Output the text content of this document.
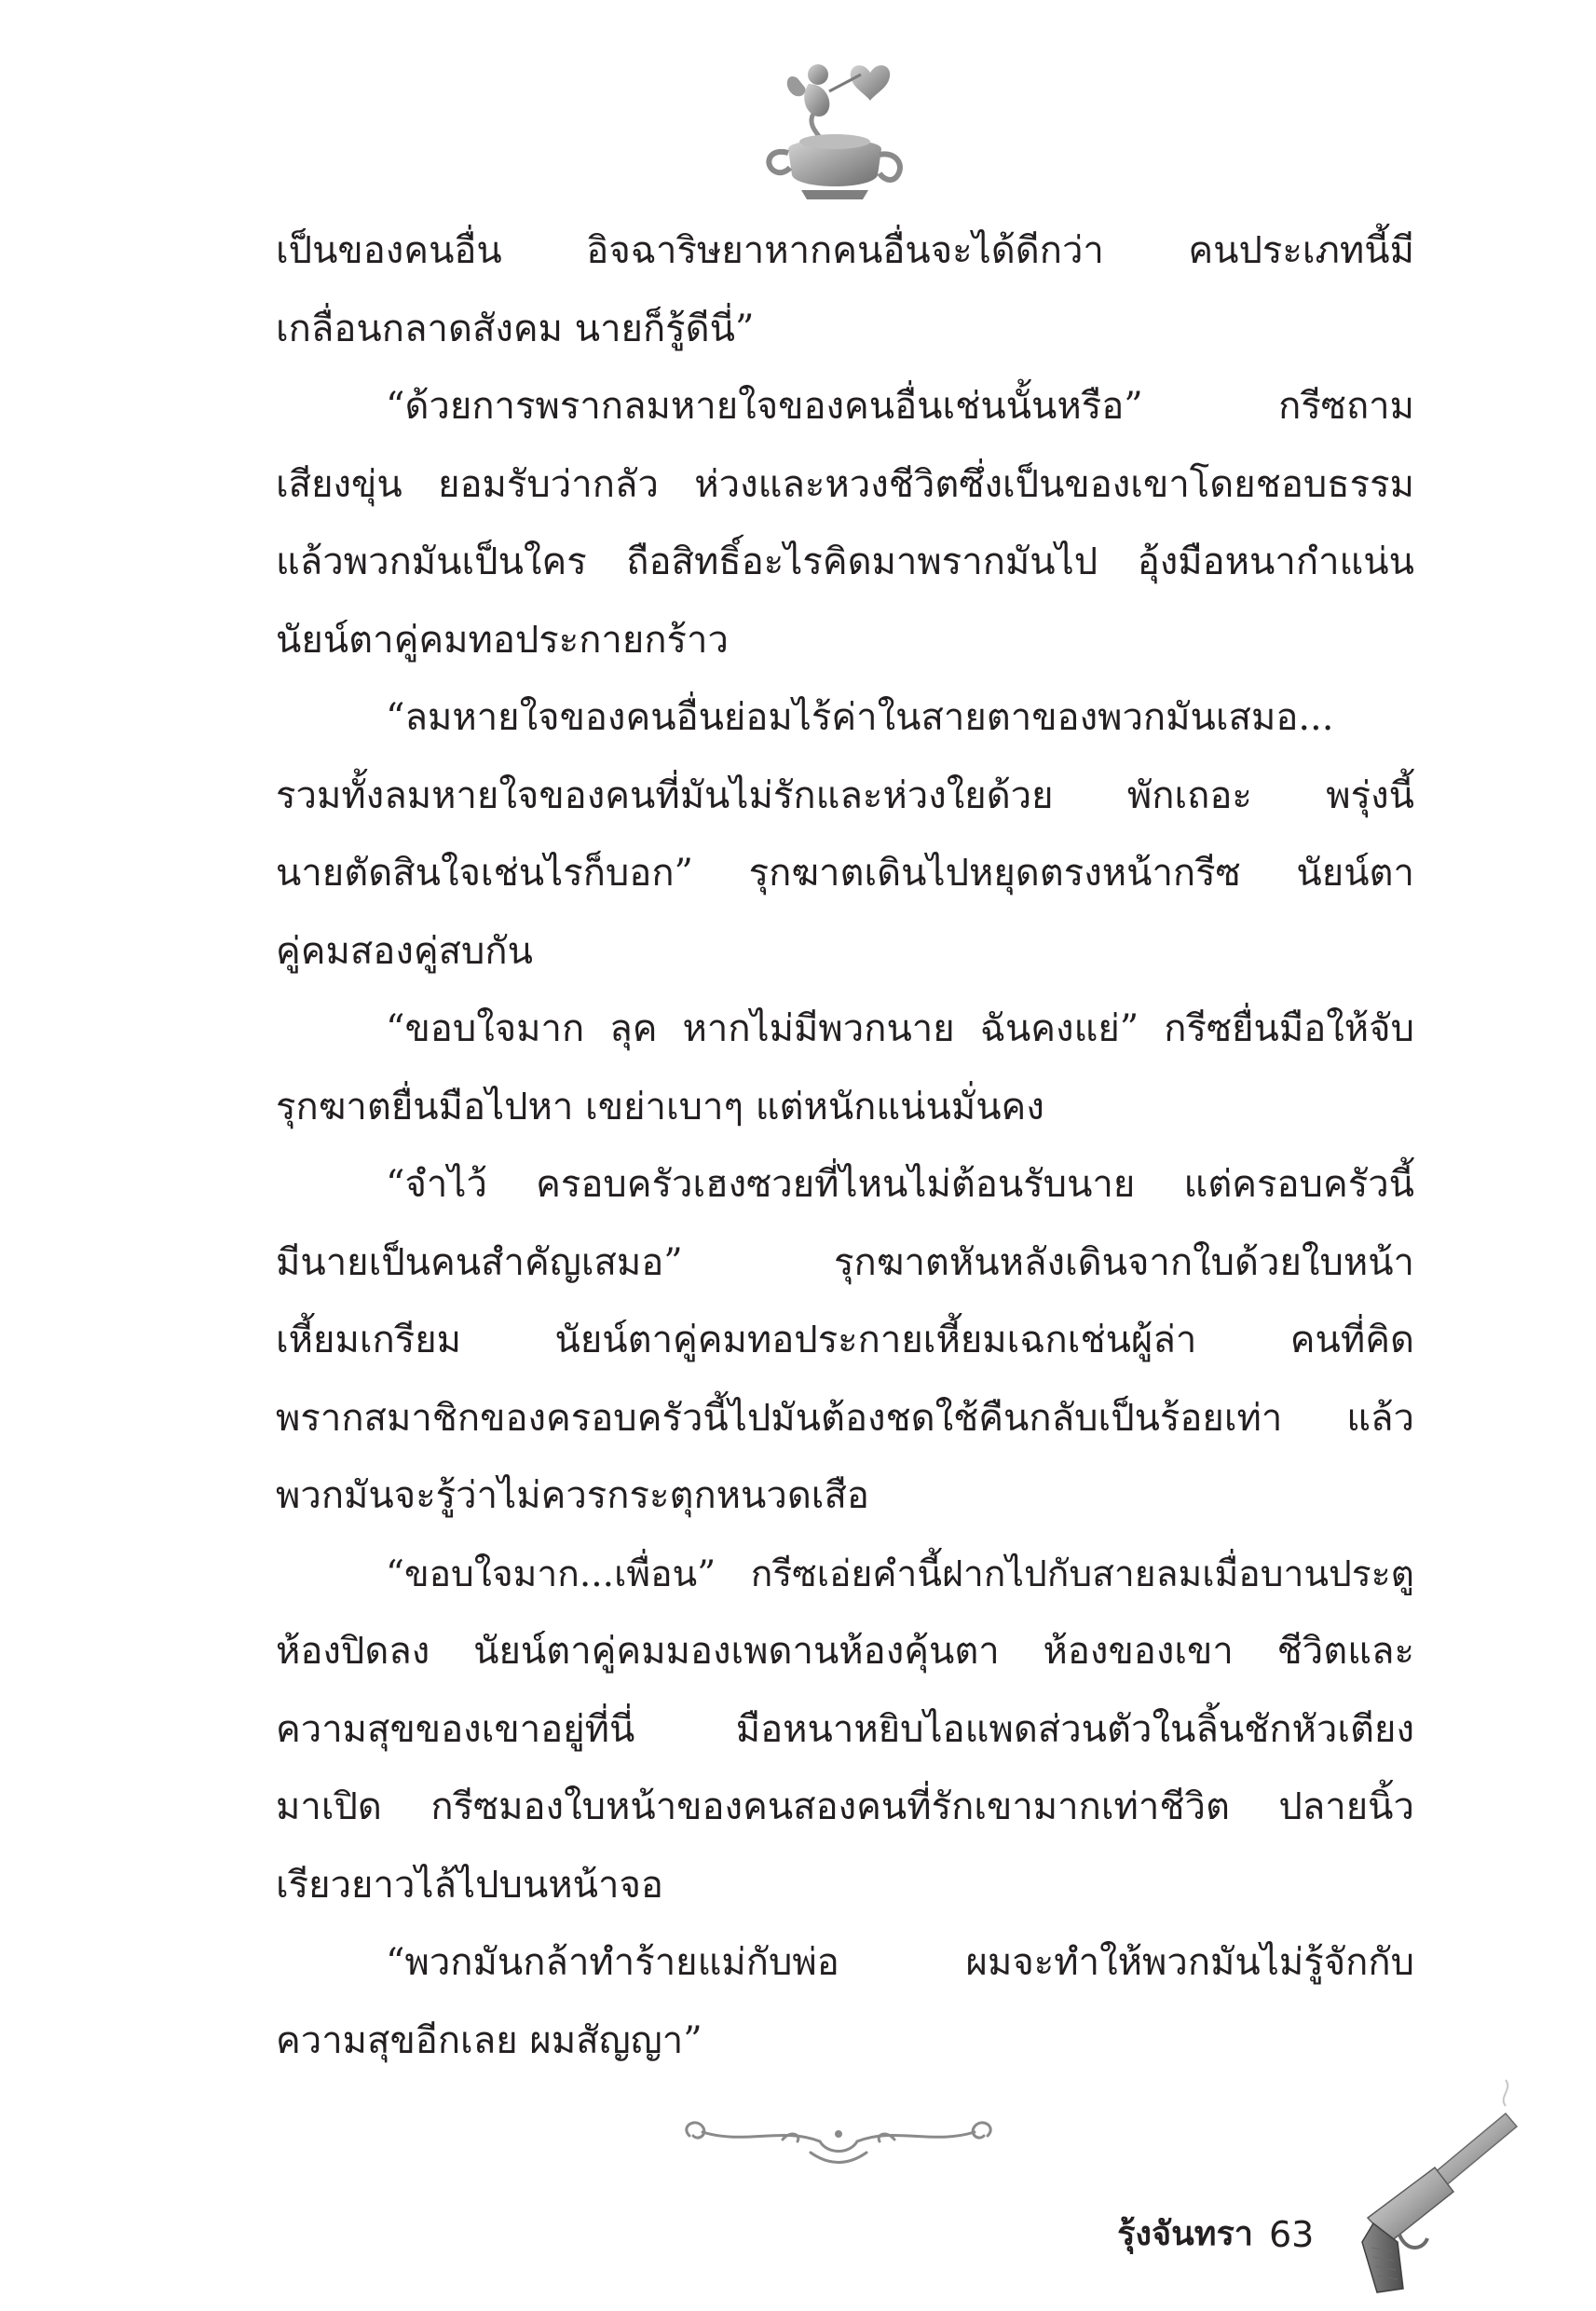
เป็นของคนอื่น อิจฉาริษยาหากคนอื่นจะได้ดีกว่า คนประเภทนี้มี
เกลื่อนกลาดสังคม นายก็รู้ดีนี่”
“ด้วยการพรากลมหายใจของคนอื่นเช่นนั้นหรือ” กรีซถาม
เสียงขุ่น ยอมรับว่ากลัว ห่วงและหวงชีวิตซึ่งเป็นของเขาโดยชอบธรรม
แล้วพวกมันเป็นใคร ถือสิทธิ์อะไรคิดมาพรากมันไป อุ้งมือหนากำแน่น
นัยน์ตาคู่คมทอประกายกร้าว
“ลมหายใจของคนอื่นย่อมไร้ค่าในสายตาของพวกมันเสมอ...
รวมทั้งลมหายใจของคนที่มันไม่รักและห่วงใยด้วย พักเถอะ พรุ่งนี้
นายตัดสินใจเช่นไรก็บอก” รุกฆาตเดินไปหยุดตรงหน้ากรีซ นัยน์ตา
คู่คมสองคู่สบกัน
“ขอบใจมาก ลุค หากไม่มีพวกนาย ฉันคงแย่” กรีซยื่นมือให้จับ
รุกฆาตยื่นมือไปหา เขย่าเบาๆ แต่หนักแน่นมั่นคง
“จำไว้ ครอบครัวเฮงซวยที่ไหนไม่ต้อนรับนาย แต่ครอบครัวนี้
มีนายเป็นคนสำคัญเสมอ” รุกฆาตหันหลังเดินจากใบด้วยใบหน้า
เหี้ยมเกรียม นัยน์ตาคู่คมทอประกายเหี้ยมเฉกเช่นผู้ล่า คนที่คิด
พรากสมาชิกของครอบครัวนี้ไปมันต้องชดใช้คืนกลับเป็นร้อยเท่า แล้ว
พวกมันจะรู้ว่าไม่ควรกระตุกหนวดเสือ
“ขอบใจมาก...เพื่อน” กรีซเอ่ยคำนี้ฝากไปกับสายลมเมื่อบานประตู
ห้องปิดลง นัยน์ตาคู่คมมองเพดานห้องคุ้นตา ห้องของเขา ชีวิตและ
ความสุขของเขาอยู่ที่นี่ มือหนาหยิบไอแพดส่วนตัวในลิ้นชักหัวเตียง
มาเปิด กรีซมองใบหน้าของคนสองคนที่รักเขามากเท่าชีวิต ปลายนิ้ว
เรียวยาวไล้ไปบนหน้าจอ
“พวกมันกล้าทำร้ายแม่กับพ่อ ผมจะทำให้พวกมันไม่รู้จักกับ
ความสุขอีกเลย ผมสัญญา”
รุ้งจันทรา 63
